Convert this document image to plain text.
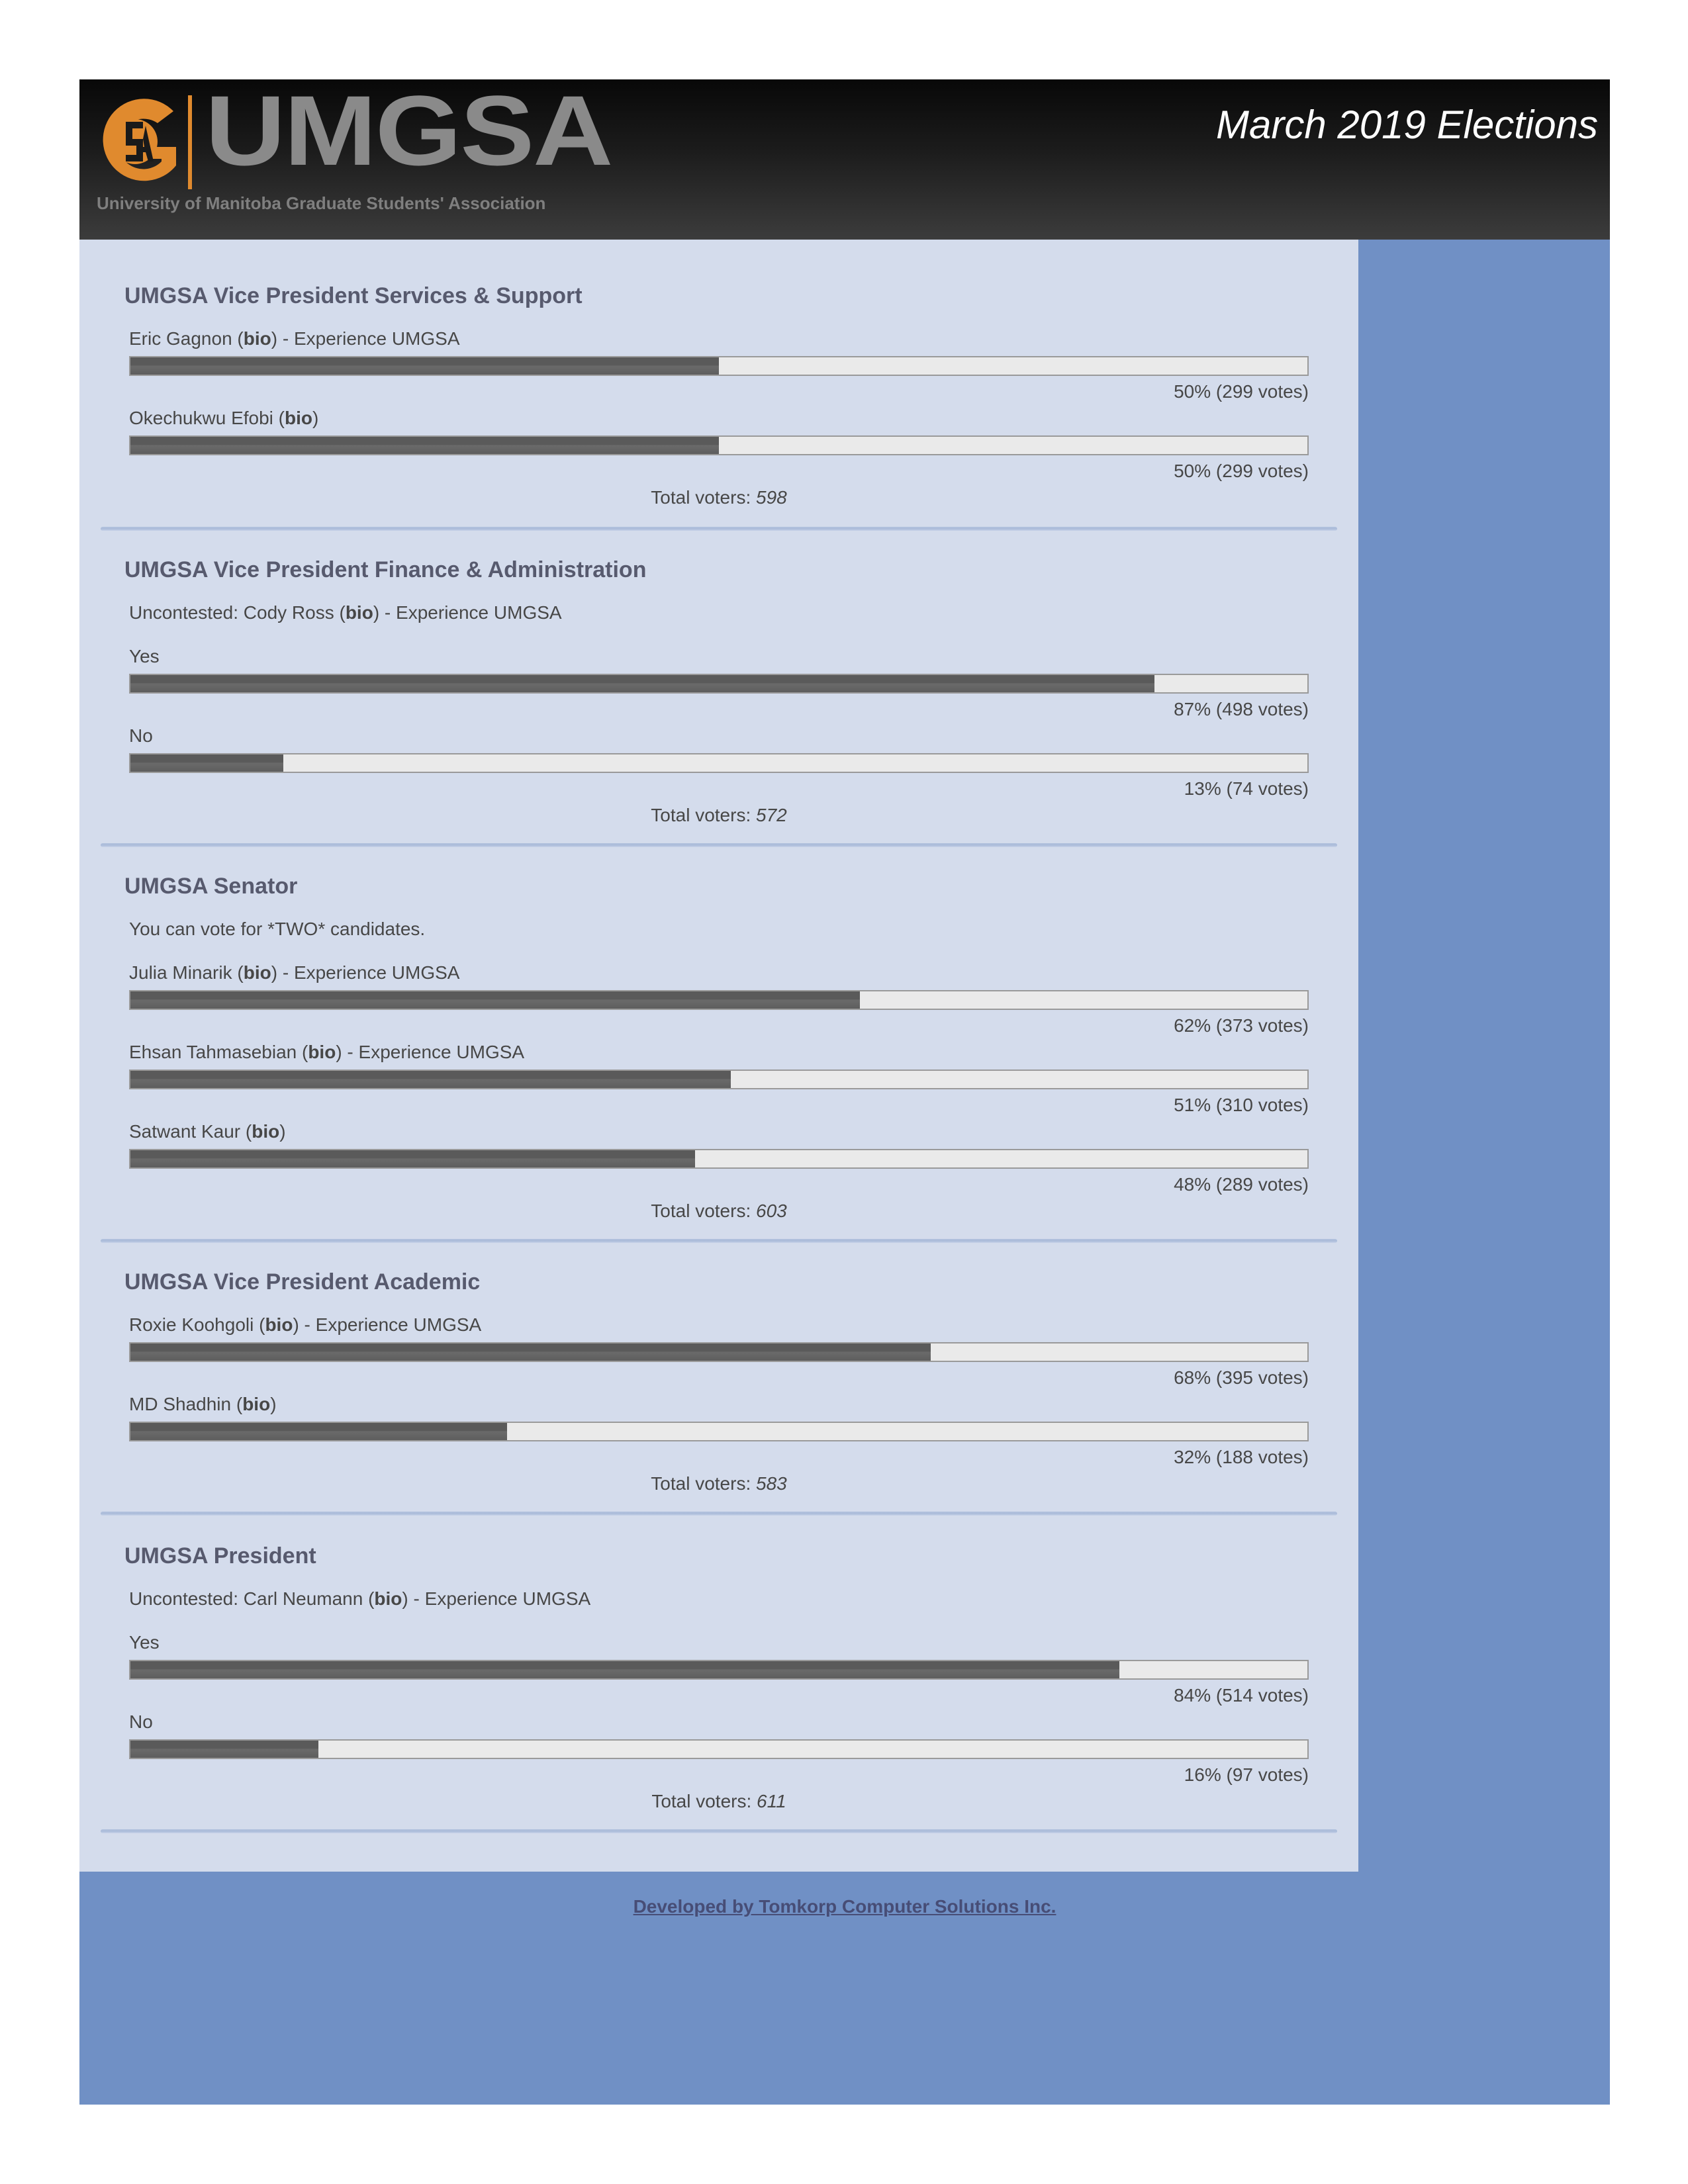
UMGSA
University of Manitoba Graduate Students' Association
March 2019 Elections
UMGSA Vice President Services & Support
Eric Gagnon (bio) - Experience UMGSA
50% (299 votes)
Okechukwu Efobi (bio)
50% (299 votes)
Total voters: 598
UMGSA Vice President Finance & Administration
Uncontested: Cody Ross (bio) - Experience UMGSA
Yes
87% (498 votes)
No
13% (74 votes)
Total voters: 572
UMGSA Senator
You can vote for *TWO* candidates.
Julia Minarik (bio) - Experience UMGSA
62% (373 votes)
Ehsan Tahmasebian (bio) - Experience UMGSA
51% (310 votes)
Satwant Kaur (bio)
48% (289 votes)
Total voters: 603
UMGSA Vice President Academic
Roxie Koohgoli (bio) - Experience UMGSA
68% (395 votes)
MD Shadhin (bio)
32% (188 votes)
Total voters: 583
UMGSA President
Uncontested: Carl Neumann (bio) - Experience UMGSA
Yes
84% (514 votes)
No
16% (97 votes)
Total voters: 611
Developed by Tomkorp Computer Solutions Inc.
